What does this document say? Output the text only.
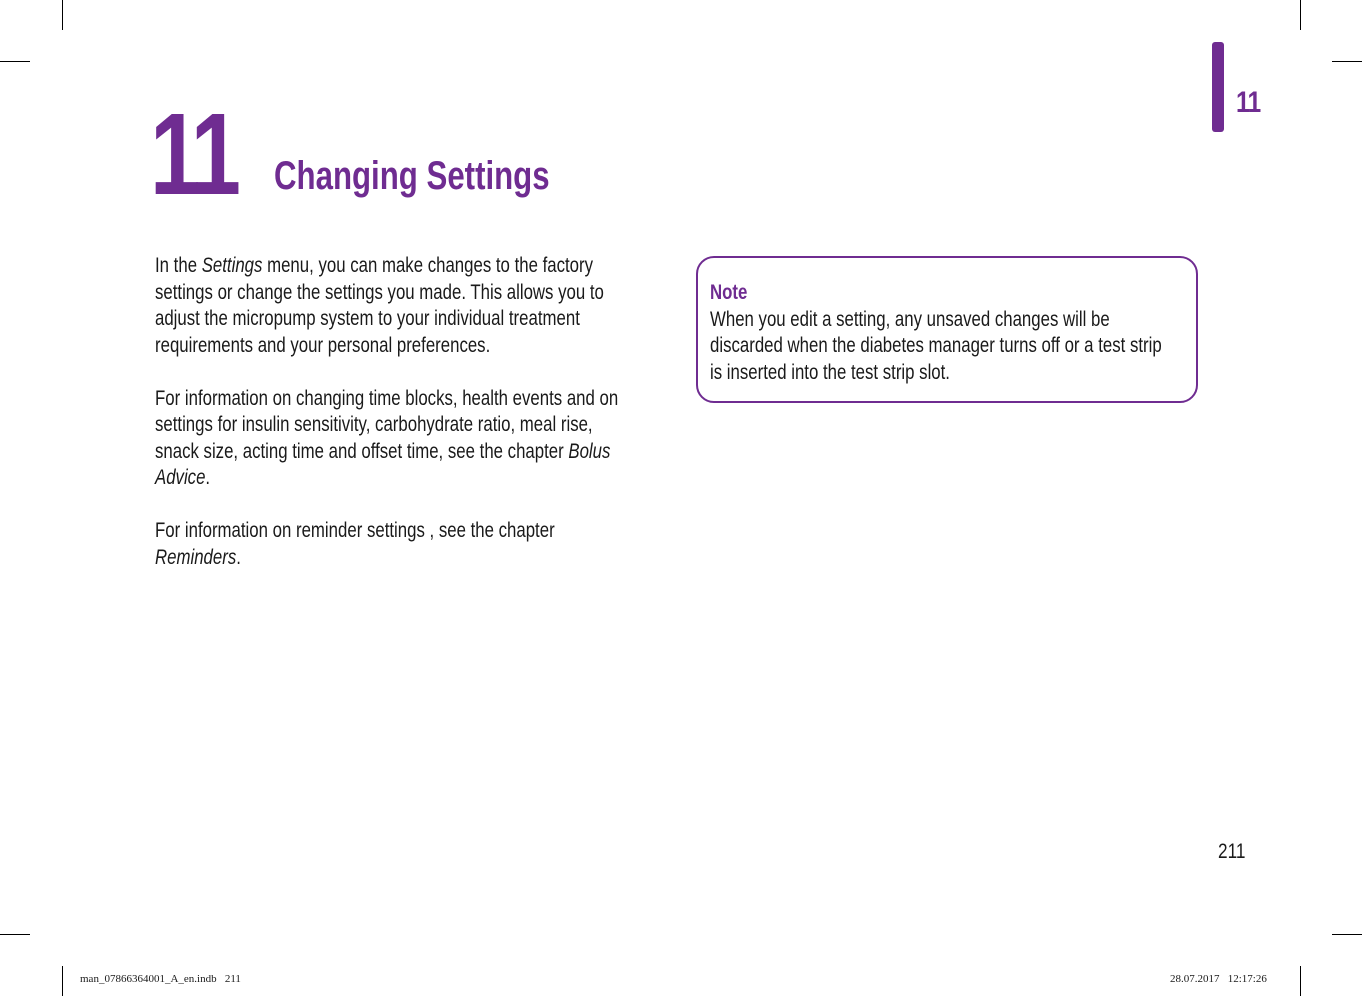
11
11 Changing Settings

In the Settings menu, you can make changes to the factory
settings or change the settings you made. This allows you to
adjust the micropump system to your individual treatment
requirements and your personal preferences.

For information on changing time blocks, health events and on
settings for insulin sensitivity, carbohydrate ratio, meal rise,
snack size, acting time and offset time, see the chapter Bolus
Advice.

For information on reminder settings , see the chapter
Reminders.

Note
When you edit a setting, any unsaved changes will be
discarded when the diabetes manager turns off or a test strip
is inserted into the test strip slot.
211
man_07866364001_A_en.indb   211	28.07.2017   12:17:26
